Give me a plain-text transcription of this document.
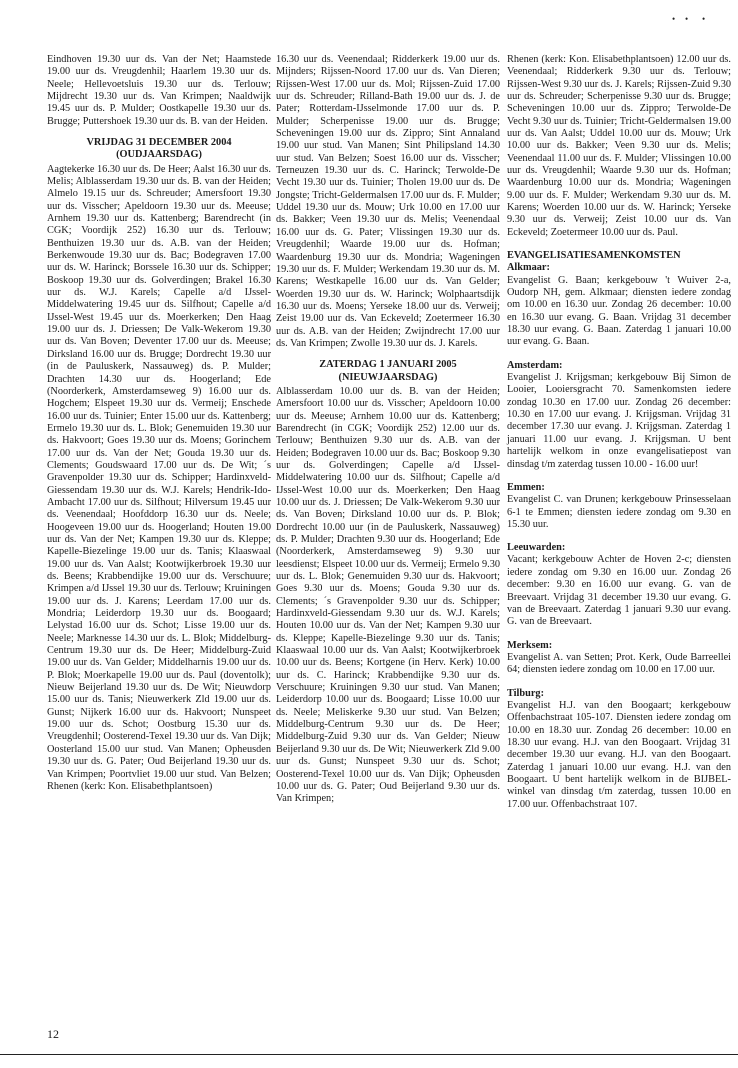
• • •

Eindhoven 19.30 uur ds. Van der Net; Haamstede 19.00 uur ds. Vreugdenhil; Haarlem 19.30 uur ds. Neele; Hellevoetsluis 19.30 uur ds. Terlouw; Mijdrecht 19.30 uur ds. Van Krimpen; Naaldwijk 19.45 uur ds. P. Mulder; Oostkapelle 19.30 uur ds. Brugge; Puttershoek 19.30 uur ds. B. van der Heiden.

VRIJDAG 31 DECEMBER 2004
(OUDJAARSDAG)

Aagtekerke 16.30 uur ds. De Heer; Aalst 16.30 uur ds. Melis; Alblasserdam 19.30 uur ds. B. van der Heiden; Almelo 19.15 uur ds. Schreuder; Amersfoort 19.30 uur ds. Visscher; Apeldoorn 19.30 uur ds. Meeuse; Arnhem 19.30 uur ds. Kattenberg; Barendrecht (in CGK; Voordijk 252) 16.30 uur ds. Terlouw; Benthuizen 19.30 uur ds. A.B. van der Heiden; Berkenwoude 19.30 uur ds. Bac; Bodegraven 17.00 uur ds. W. Harinck; Borssele 16.30 uur ds. Schipper; Boskoop 19.30 uur ds. Golverdingen; Brakel 16.30 uur ds. W.J. Karels; Capelle a/d IJssel-Middelwatering 19.45 uur ds. Silfhout; Capelle a/d IJssel-West 19.45 uur ds. Moerkerken; Den Haag 19.00 uur ds. J. Driessen; De Valk-Wekerom 19.30 uur ds. Van Boven; Deventer 17.00 uur ds. Meeuse; Dirksland 16.00 uur ds. Brugge; Dordrecht 19.30 uur (in de Pauluskerk, Nassauweg) ds. P. Mulder; Drachten 14.30 uur ds. Hoogerland; Ede (Noorderkerk, Amsterdamseweg 9) 16.00 uur ds. Hogchem; Elspeet 19.30 uur ds. Vermeij; Enschede 16.00 uur ds. Tuinier; Enter 15.00 uur ds. Kattenberg; Ermelo 19.30 uur ds. L. Blok; Genemuiden 19.30 uur ds. Hakvoort; Goes 19.30 uur ds. Moens; Gorinchem 17.00 uur ds. Van der Net; Gouda 19.30 uur ds. Clements; Goudswaard 17.00 uur ds. De Wit; ´s Gravenpolder 19.30 uur ds. Schipper; Hardinxveld-Giessendam 19.30 uur ds. W.J. Karels; Hendrik-Ido-Ambacht 17.00 uur ds. Silfhout; Hilversum 19.45 uur ds. Veenendaal; Hoofddorp 16.30 uur ds. Neele; Hoogeveen 19.00 uur ds. Hoogerland; Houten 19.00 uur ds. Van der Net; Kampen 19.30 uur ds. Kleppe; Kapelle-Biezelinge 19.00 uur ds. Tanis; Klaaswaal 19.00 uur ds. Van Aalst; Kootwijkerbroek 19.30 uur ds. Beens; Krabbendijke 19.00 uur ds. Verschuure; Krimpen a/d IJssel 19.30 uur ds. Terlouw; Kruiningen 19.00 uur ds. J. Karens; Leerdam 17.00 uur ds. Mondria; Leiderdorp 19.30 uur ds. Boogaard; Lelystad 16.00 uur ds. Schot; Lisse 19.00 uur ds. Neele; Marknesse 14.30 uur ds. L. Blok; Middelburg-Centrum 19.30 uur ds. De Heer; Middelburg-Zuid 19.00 uur ds. Van Gelder; Middelharnis 19.00 uur ds. P. Blok; Moerkapelle 19.00 uur ds. Paul (doventolk); Nieuw Beijerland 19.30 uur ds. De Wit; Nieuwdorp 15.00 uur ds. Tanis; Nieuwerkerk Zld 19.00 uur ds. Gunst; Nijkerk 16.00 uur ds. Hakvoort; Nunspeet 19.00 uur ds. Schot; Oostburg 15.30 uur ds. Vreugdenhil; Oosterend-Texel 19.30 uur ds. Van Dijk; Oosterland 15.00 uur stud. Van Manen; Opheusden 19.30 uur ds. G. Pater; Oud Beijerland 19.30 uur ds. Van Krimpen; Poortvliet 19.00 uur stud. Van Belzen; Rhenen (kerk: Kon. Elisabethplantsoen)

16.30 uur ds. Veenendaal; Ridderkerk 19.00 uur ds. Mijnders; Rijssen-Noord 17.00 uur ds. Van Dieren; Rijssen-West 17.00 uur ds. Mol; Rijssen-Zuid 17.00 uur ds. Schreuder; Rilland-Bath 19.00 uur ds. J. de Pater; Rotterdam-IJsselmonde 17.00 uur ds. P. Mulder; Scherpenisse 19.00 uur ds. Brugge; Scheveningen 19.00 uur ds. Zippro; Sint Annaland 19.00 uur stud. Van Manen; Sint Philipsland 14.30 uur stud. Van Belzen; Soest 16.00 uur ds. Visscher; Terneuzen 19.30 uur ds. C. Harinck; Terwolde-De Vecht 19.30 uur ds. Tuinier; Tholen 19.00 uur ds. De Jongste; Tricht-Geldermalsen 17.00 uur ds. F. Mulder; Uddel 19.30 uur ds. Mouw; Urk 10.00 en 17.00 uur ds. Bakker; Veen 19.30 uur ds. Melis; Veenendaal 16.00 uur ds. G. Pater; Vlissingen 19.30 uur ds. Vreugdenhil; Waarde 19.00 uur ds. Hofman; Waardenburg 19.30 uur ds. Mondria; Wageningen 19.30 uur ds. F. Mulder; Werkendam 19.30 uur ds. M. Karens; Westkapelle 16.00 uur ds. Van Gelder; Woerden 19.30 uur ds. W. Harinck; Wolphaartsdijk 16.30 uur ds. Moens; Yerseke 18.00 uur ds. Verweij; Zeist 19.00 uur ds. Van Eckeveld; Zoetermeer 16.30 uur ds. A.B. van der Heiden; Zwijndrecht 17.00 uur ds. Van Krimpen; Zwolle 19.30 uur ds. J. Karels.

ZATERDAG 1 JANUARI 2005
(NIEUWJAARSDAG)

Alblasserdam 10.00 uur ds. B. van der Heiden; Amersfoort 10.00 uur ds. Visscher; Apeldoorn 10.00 uur ds. Meeuse; Arnhem 10.00 uur ds. Kattenberg; Barendrecht (in CGK; Voordijk 252) 12.00 uur ds. Terlouw; Benthuizen 9.30 uur ds. A.B. van der Heiden; Bodegraven 10.00 uur ds. Bac; Boskoop 9.30 uur ds. Golverdingen; Capelle a/d IJssel-Middelwatering 10.00 uur ds. Silfhout; Capelle a/d IJssel-West 10.00 uur ds. Moerkerken; Den Haag 10.00 uur ds. J. Driessen; De Valk-Wekerom 9.30 uur ds. Van Boven; Dirksland 10.00 uur ds. P. Blok; Dordrecht 10.00 uur (in de Pauluskerk, Nassauweg) ds. P. Mulder; Drachten 9.30 uur ds. Hoogerland; Ede (Noorderkerk, Amsterdamseweg 9) 9.30 uur leesdienst; Elspeet 10.00 uur ds. Vermeij; Ermelo 9.30 uur ds. L. Blok; Genemuiden 9.30 uur ds. Hakvoort; Goes 9.30 uur ds. Moens; Gouda 9.30 uur ds. Clements; ´s Gravenpolder 9.30 uur ds. Schipper; Hardinxveld-Giessendam 9.30 uur ds. W.J. Karels; Houten 10.00 uur ds. Van der Net; Kampen 9.30 uur ds. Kleppe; Kapelle-Biezelinge 9.30 uur ds. Tanis; Klaaswaal 10.00 uur ds. Van Aalst; Kootwijkerbroek 10.00 uur ds. Beens; Kortgene (in Herv. Kerk) 10.00 uur ds. C. Harinck; Krabbendijke 9.30 uur ds. Verschuure; Kruiningen 9.30 uur stud. Van Manen; Leiderdorp 10.00 uur ds. Boogaard; Lisse 10.00 uur ds. Neele; Meliskerke 9.30 uur stud. Van Belzen; Middelburg-Centrum 9.30 uur ds. De Heer; Middelburg-Zuid 9.30 uur ds. Van Gelder; Nieuw Beijerland 9.30 uur ds. De Wit; Nieuwerkerk Zld 9.00 uur ds. Gunst; Nunspeet 9.30 uur ds. Schot; Oosterend-Texel 10.00 uur ds. Van Dijk; Opheusden 10.00 uur ds. G. Pater; Oud Beijerland 9.30 uur ds. Van Krimpen;

Rhenen (kerk: Kon. Elisabethplantsoen) 12.00 uur ds. Veenendaal; Ridderkerk 9.30 uur ds. Terlouw; Rijssen-West 9.30 uur ds. J. Karels; Rijssen-Zuid 9.30 uur ds. Schreuder; Scherpenisse 9.30 uur ds. Brugge; Scheveningen 10.00 uur ds. Zippro; Terwolde-De Vecht 9.30 uur ds. Tuinier; Tricht-Geldermalsen 19.00 uur ds. Van Aalst; Uddel 10.00 uur ds. Mouw; Urk 10.00 uur ds. Bakker; Veen 9.30 uur ds. Melis; Veenendaal 11.00 uur ds. F. Mulder; Vlissingen 10.00 uur ds. Vreugdenhil; Waarde 9.30 uur ds. Hofman; Waardenburg 10.00 uur ds. Mondria; Wageningen 9.00 uur ds. F. Mulder; Werkendam 9.30 uur ds. M. Karens; Woerden 10.00 uur ds. W. Harinck; Yerseke 9.30 uur ds. Verweij; Zeist 10.00 uur ds. Van Eckeveld; Zoetermeer 10.00 uur ds. Paul.

EVANGELISATIESAMENKOMSTEN
Alkmaar:

Evangelist G. Baan; kerkgebouw 't Wuiver 2-a, Oudorp NH, gem. Alkmaar; diensten iedere zondag om 10.00 en 16.30 uur. Zondag 26 december: 10.00 en 16.30 uur evang. G. Baan. Vrijdag 31 december 18.30 uur evang. G. Baan. Zaterdag 1 januari 10.00 uur evang. G. Baan.

Amsterdam:

Evangelist J. Krijgsman; kerkgebouw Bij Simon de Looier, Looiersgracht 70. Samenkomsten iedere zondag 10.30 en 17.00 uur. Zondag 26 december: 10.30 en 17.00 uur evang. J. Krijgsman. Vrijdag 31 december 17.30 uur evang. J. Krijgsman. Zaterdag 1 januari 11.00 uur evang. J. Krijgsman. U bent hartelijk welkom in onze evangelisatiepost van dinsdag t/m zaterdag tussen 10.00 - 16.00 uur!

Emmen:

Evangelist C. van Drunen; kerkgebouw Prinsesselaan 6-1 te Emmen; diensten iedere zondag om 9.30 en 15.30 uur.

Leeuwarden:

Vacant; kerkgebouw Achter de Hoven 2-c; diensten iedere zondag om 9.30 en 16.00 uur. Zondag 26 december: 9.30 en 16.00 uur evang. G. van de Breevaart. Vrijdag 31 december 19.30 uur evang. G. van de Breevaart. Zaterdag 1 januari 9.30 uur evang. G. van de Breevaart.

Merksem:

Evangelist A. van Setten; Prot. Kerk, Oude Barreellei 64; diensten iedere zondag om 10.00 en 17.00 uur.

Tilburg:

Evangelist H.J. van den Boogaart; kerkgebouw Offenbachstraat 105-107. Diensten iedere zondag om 10.00 en 18.30 uur. Zondag 26 december: 10.00 en 18.30 uur evang. H.J. van den Boogaart. Vrijdag 31 december 19.30 uur evang. H.J. van den Boogaart. Zaterdag 1 januari 10.00 uur evang. H.J. van den Boogaart. U bent hartelijk welkom in de BIJBEL-winkel van dinsdag t/m zaterdag, tussen 10.00 en 17.00 uur. Offenbachstraat 107.

12
